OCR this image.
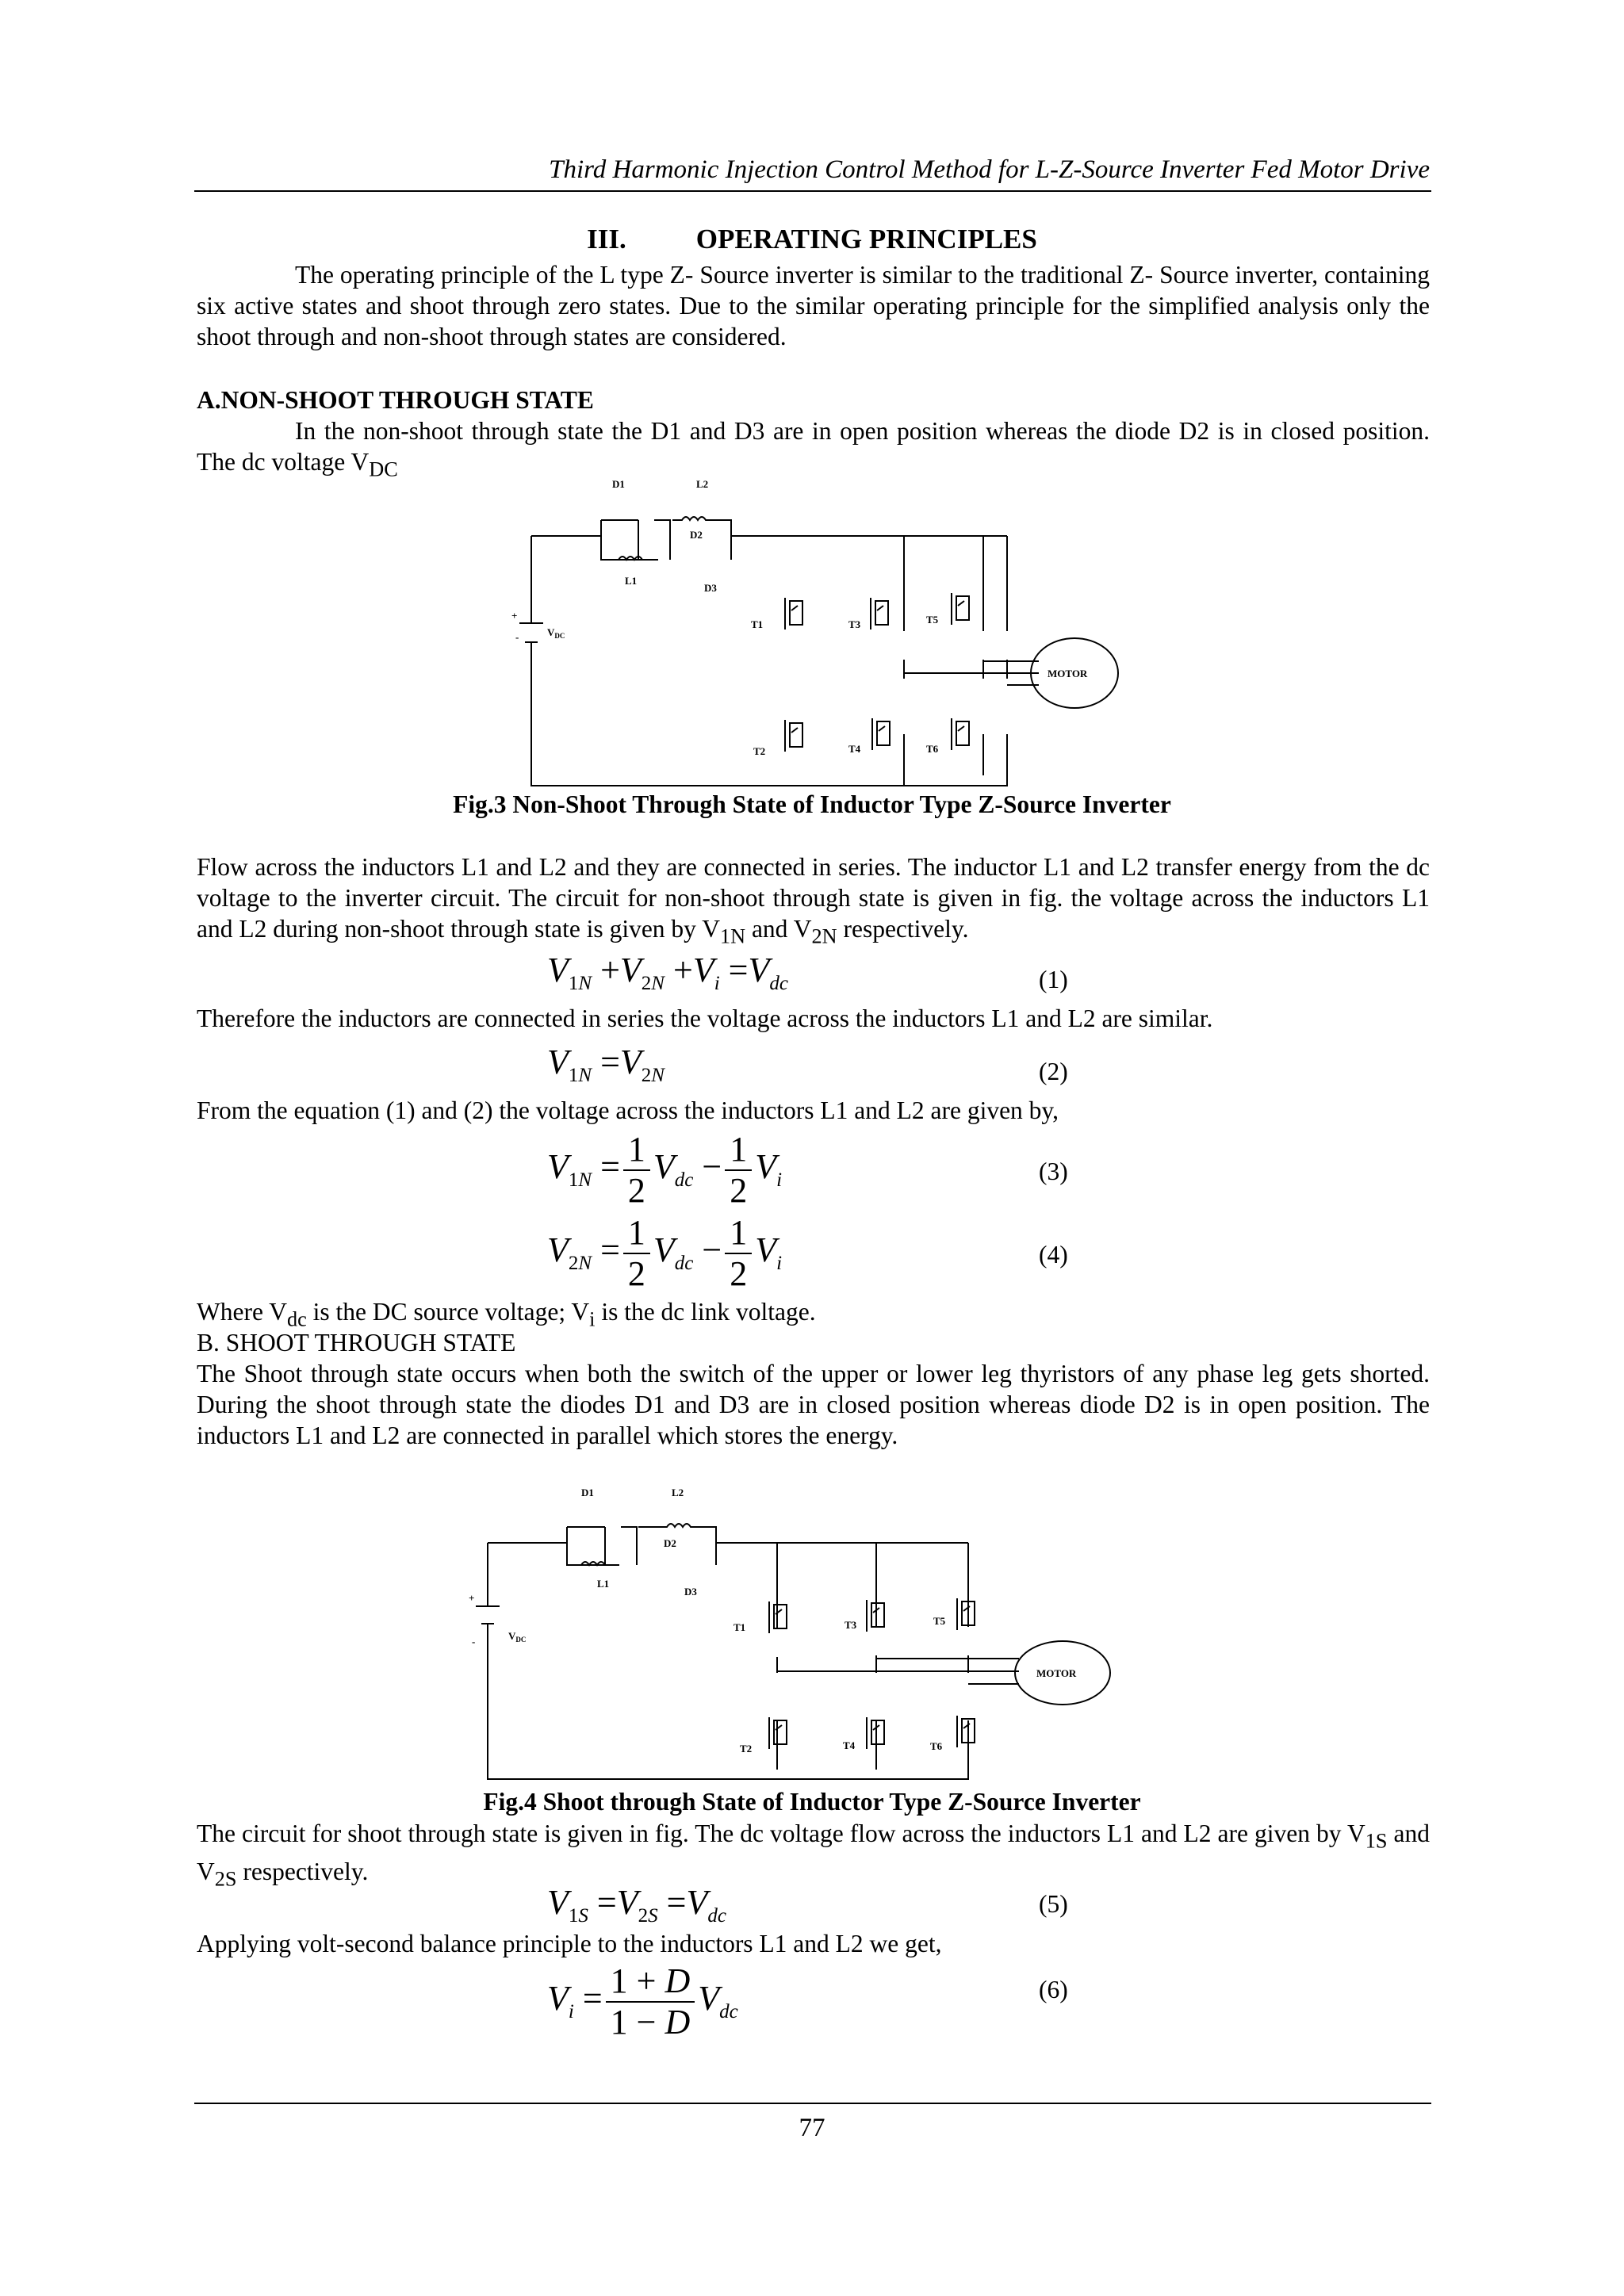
Third Harmonic Injection Control Method for L-Z-Source Inverter Fed Motor Drive
III.	OPERATING PRINCIPLES

The operating principle of the L type Z- Source inverter is similar to the traditional Z- Source inverter, containing six active states and shoot through zero states. Due to the similar operating principle for the simplified analysis only the shoot through and non-shoot through states are considered.

A.NON-SHOOT THROUGH STATE

In the non-shoot through state the D1 and D3 are in open position whereas the diode D2 is in closed position. The dc voltage $V_{DC}$

D1	L2
D2
L1
D3
+
-	$V_{DC}$
T1	T3	T5
T2	T4	T6
MOTOR
Fig.3 Non-Shoot Through State of Inductor Type Z-Source Inverter

Flow across the inductors L1 and L2 and they are connected in series. The inductor L1 and L2 transfer energy from the dc voltage to the inverter circuit. The circuit for non-shoot through state is given in fig. the voltage across the inductors L1 and L2 during non-shoot through state is given by $V_{1N}$ and $V_{2N}$ respectively.

$V_{1N} +V_{2N} +V_i =V_{dc}$	(1)

Therefore the inductors are connected in series the voltage across the inductors L1 and L2 are similar.

$V_{1N} =V_{2N}$	(2)

From the equation (1) and (2) the voltage across the inductors L1 and L2 are given by,

$V_{1N} = \frac{1}{2} V_{dc} - \frac{1}{2} V_i$	(3)
$V_{2N} = \frac{1}{2} V_{dc} - \frac{1}{2} V_i$	(4)

Where $V_{dc}$ is the DC source voltage; $V_i$ is the dc link voltage.

B. SHOOT THROUGH STATE

The Shoot through state occurs when both the switch of the upper or lower leg thyristors of any phase leg gets shorted. During the shoot through state the diodes D1 and D3 are in closed position whereas diode D2 is in open position. The inductors L1 and L2 are connected in parallel which stores the energy.

D1	L2
D2
L1
D3
+
-	$V_{DC}$
T1	T3	T5
T2	T4	T6
MOTOR
Fig.4 Shoot through State of Inductor Type Z-Source Inverter

The circuit for shoot through state is given in fig. The dc voltage flow across the inductors L1 and L2 are given by $V_{1S}$ and $V_{2S}$ respectively.

$V_{1S} =V_{2S} =V_{dc}$	(5)

Applying volt-second balance principle to the inductors L1 and L2 we get,

$V_i = \frac{1 + D}{1 - D} V_{dc}$
(6)
77
